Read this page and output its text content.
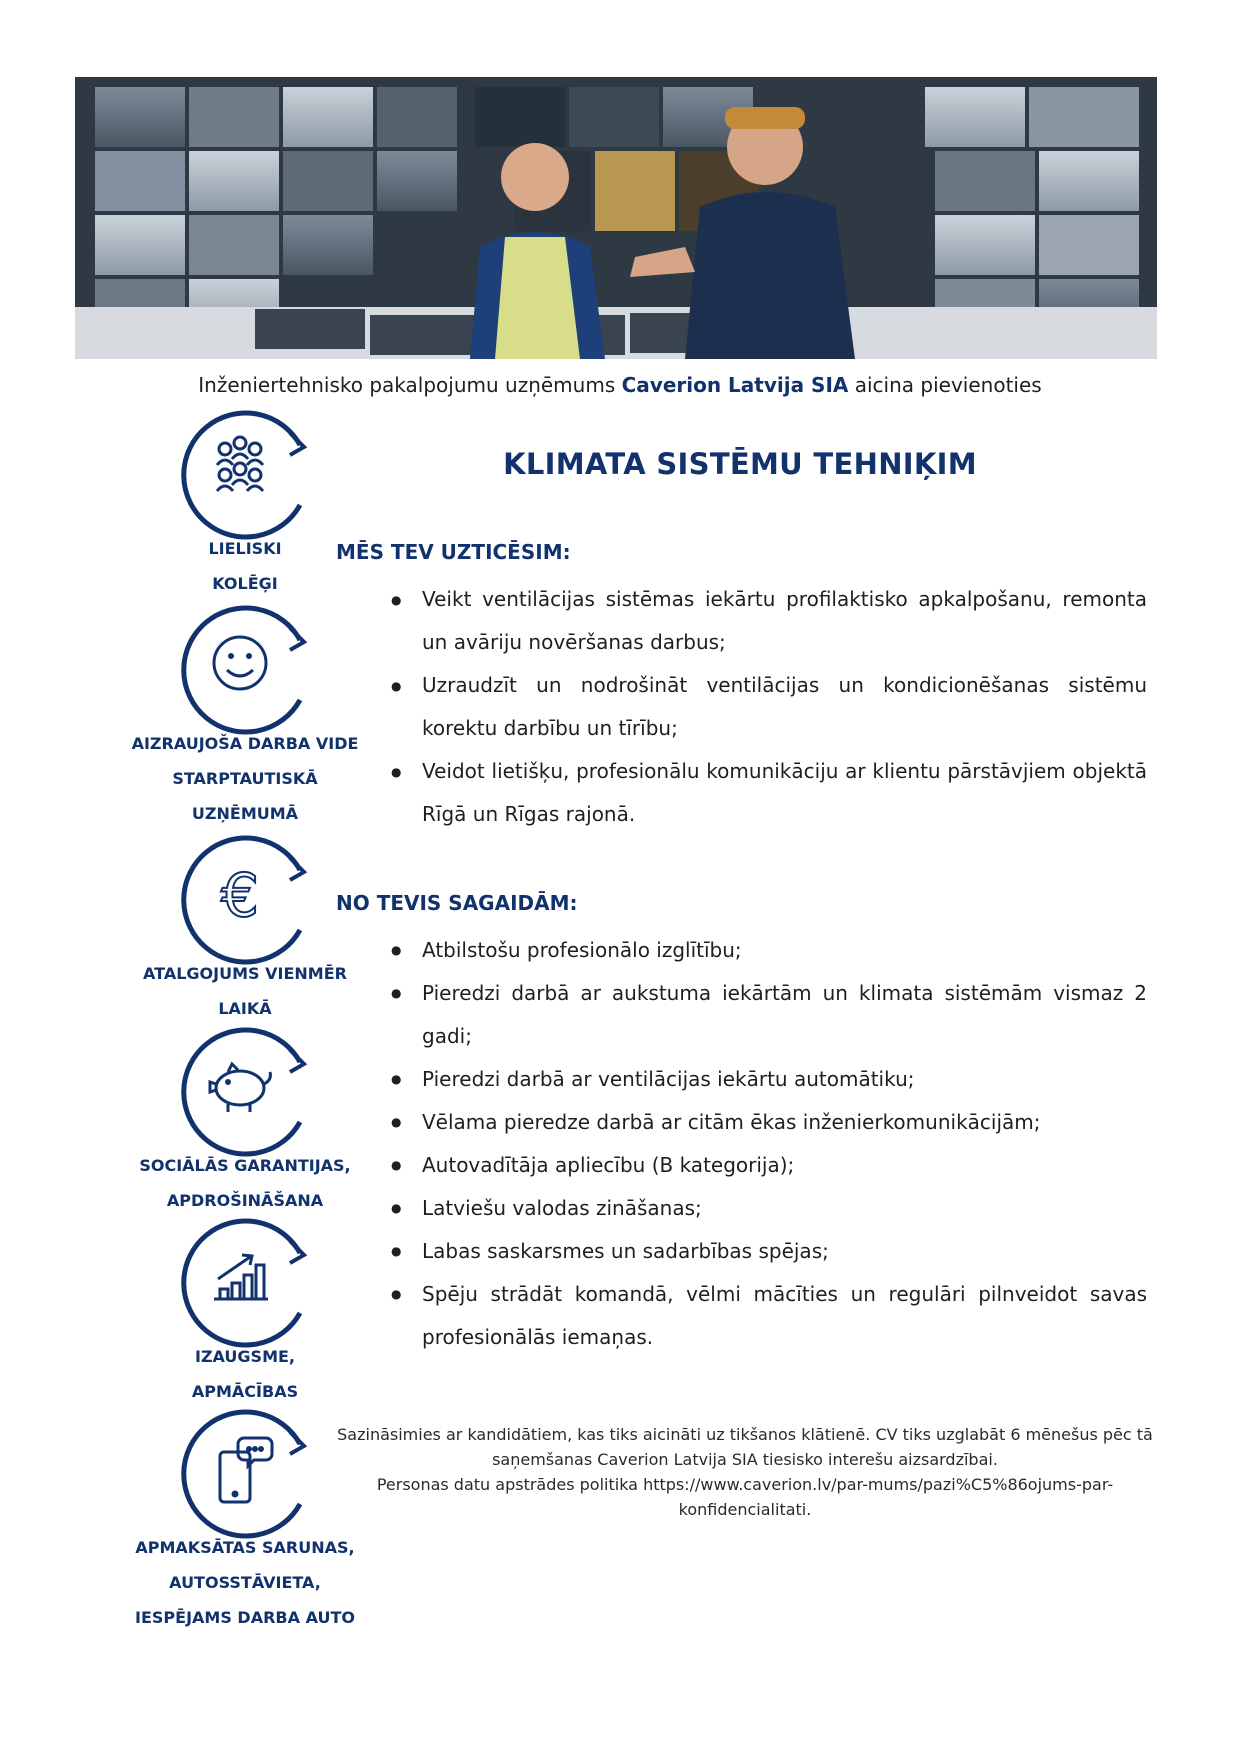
Inženiertehnisko pakalpojumu uzņēmums Caverion Latvija SIA aicina pievienoties
LIELISKI
KOLĒĢI
AIZRAUJOŠA DARBA VIDE
STARPTAUTISKĀ
UZŅĒMUMĀ
€
ATALGOJUMS VIENMĒR
LAIKĀ
SOCIĀLĀS GARANTIJAS,
APDROŠINĀŠANA
IZAUGSME,
APMĀCĪBAS
APMAKSĀTAS SARUNAS,
AUTOSSTĀVIETA,
IESPĒJAMS DARBA AUTO
KLIMATA SISTĒMU TEHNIĶIM
MĒS TEV UZTICĒSIM:
● Veikt ventilācijas sistēmas iekārtu profilaktisko apkalpošanu, remonta un avāriju novēršanas darbus;
● Uzraudzīt un nodrošināt ventilācijas un kondicionēšanas sistēmu korektu darbību un tīrību;
● Veidot lietišķu, profesionālu komunikāciju ar klientu pārstāvjiem objektā Rīgā un Rīgas rajonā.
NO TEVIS SAGAIDĀM:
● Atbilstošu profesionālo izglītību;
● Pieredzi darbā ar aukstuma iekārtām un klimata sistēmām vismaz 2 gadi;
● Pieredzi darbā ar ventilācijas iekārtu automātiku;
● Vēlama pieredze darbā ar citām ēkas inženierkomunikācijām;
● Autovadītāja apliecību (B kategorija);
● Latviešu valodas zināšanas;
● Labas saskarsmes un sadarbības spējas;
● Spēju strādāt komandā, vēlmi mācīties un regulāri pilnveidot savas profesionālās iemaņas.
Sazināsimies ar kandidātiem, kas tiks aicināti uz tikšanos klātienē. CV tiks uzglabāt 6 mēnešus pēc tā
saņemšanas Caverion Latvija SIA tiesisko interešu aizsardzībai.
Personas datu apstrādes politika https://www.caverion.lv/par-mums/pazi%C5%86ojums-par-
konfidencialitati.
